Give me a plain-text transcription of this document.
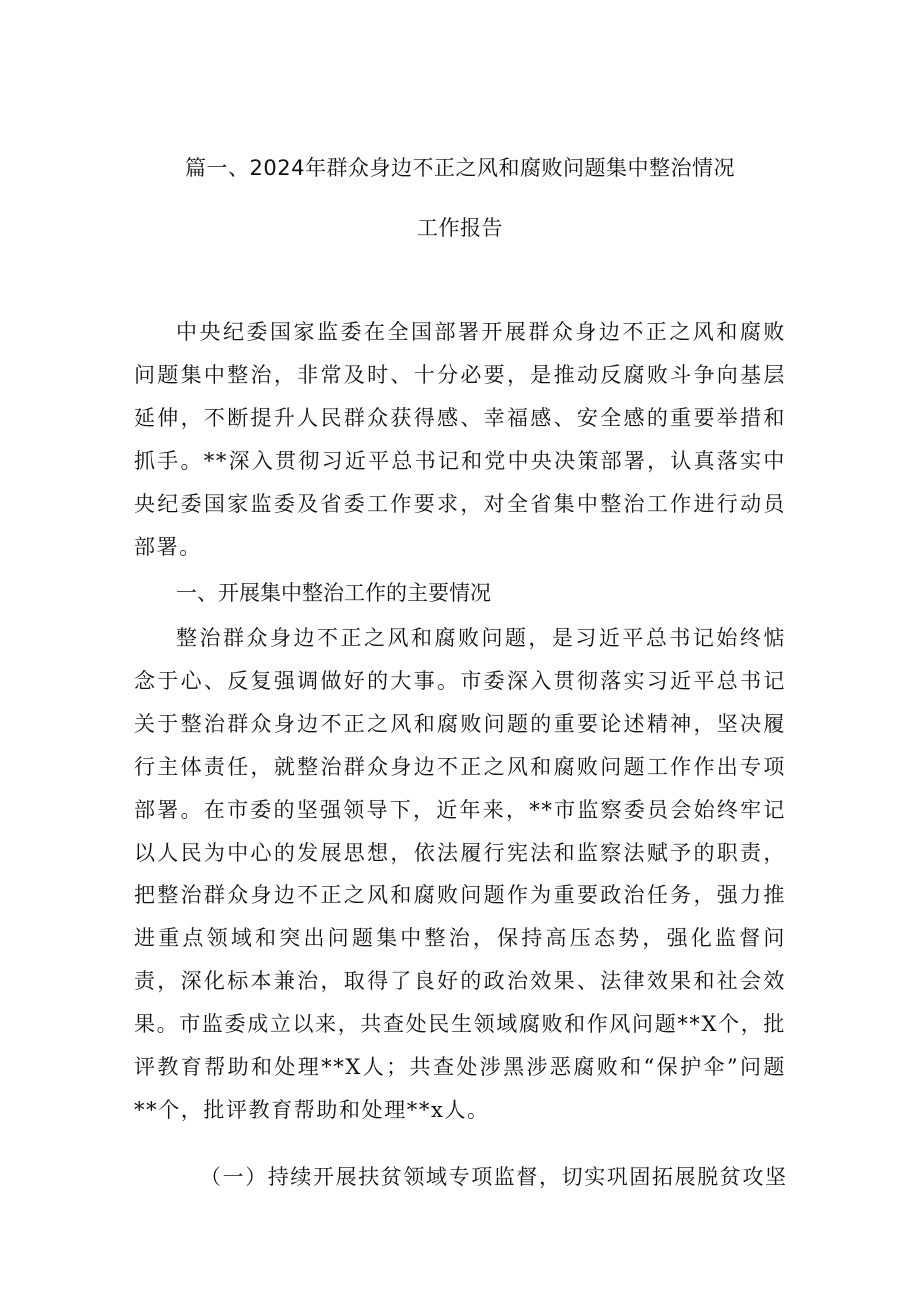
篇一、2024年群众身边不正之风和腐败问题集中整治情况
工作报告

中央纪委国家监委在全国部署开展群众身边不正之风和腐败问题集中整治，非常及时、十分必要，是推动反腐败斗争向基层延伸，不断提升人民群众获得感、幸福感、安全感的重要举措和抓手。**深入贯彻习近平总书记和党中央决策部署，认真落实中央纪委国家监委及省委工作要求，对全省集中整治工作进行动员部署。

一、开展集中整治工作的主要情况

整治群众身边不正之风和腐败问题，是习近平总书记始终惦念于心、反复强调做好的大事。市委深入贯彻落实习近平总书记关于整治群众身边不正之风和腐败问题的重要论述精神，坚决履行主体责任，就整治群众身边不正之风和腐败问题工作作出专项部署。在市委的坚强领导下，近年来，**市监察委员会始终牢记以人民为中心的发展思想，依法履行宪法和监察法赋予的职责，把整治群众身边不正之风和腐败问题作为重要政治任务，强力推进重点领域和突出问题集中整治，保持高压态势，强化监督问责，深化标本兼治，取得了良好的政治效果、法律效果和社会效果。市监委成立以来，共查处民生领域腐败和作风问题**X个，批评教育帮助和处理**X人；共查处涉黑涉恶腐败和“保护伞”问题**个，批评教育帮助和处理**x人。

（一）持续开展扶贫领域专项监督，切实巩固拓展脱贫攻坚
